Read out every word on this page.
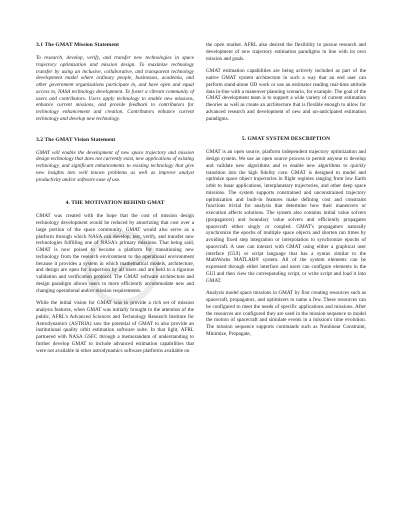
3.1 The GMAT Mission Statement

To research, develop, verify, and transfer new technologies in space trajectory optimization and mission design. To maximize technology transfer by using an inclusive, collaborative, and transparent technology development model where ordinary people, businesses, academia, and other government organizations participate in, and have open and equal access to, NASA technology development. To foster a vibrant community of users and contributors. Users apply technology to enable new missions, enhance current missions, and provide feedback to contributors for technology enhancement and creation. Contributors enhance current technology and develop new technology.

3.2 The GMAT Vision Statement

GMAT will enable the development of new space trajectory and mission design technology that does not currently exist, new applications of existing technology, and significant enhancements to existing technology that give new insights into well known problems as well as improve analyst productivity and/or software ease of use.

4. THE MOTIVATION BEHIND GMAT

GMAT was created with the hope that the cost of mission design technology development would be reduced by amortizing that cost over a large portion of the space community. GMAT would also serve as a platform through which NASA can develop, test, verify, and transfer new technologies fulfilling one of NASA's primary missions. That being said, GMAT is now poised to become a platform for transitioning new technology from the research environment to the operational environment because it provides a system in which mathematical models, architecture, and design are open for inspection by all users and are held to a rigorous validation and verification protocol. The GMAT software architecture and design paradigm allows users to more efficiently accommodate new and changing operational and/or mission requirements.

While the initial vision for GMAT was to provide a rich set of mission analysis features, when GMAT was initially brought to the attention of the public, AFRL's Advanced Sciences and Technology Research Institute for Astrodynamics (ASTRIA) saw the potential of GMAT to also provide an institutional quality orbit estimation software suite. In that light, AFRL partnered with NASA GSFC through a memorandum of understanding to further develop GMAT to include advanced estimation capabilities that were not available in other astrodynamics software platforms available on

the open market. AFRL also desired the flexibility to pursue research and development of new trajectory estimation paradigms in line with its own mission and goals.

GMAT estimation capabilities are being actively included as part of the native GMAT system architecture in such a way that an end user can perform stand-alone OD work or use an estimator reading real-time attitude data in-line with a maneuver planning scenario, for example. The goal of the GMAT development team is to support a wide variety of current estimation theories as well as create an architecture that is flexible enough to allow for advanced research and development of new and un-anticipated estimation paradigms.

5. GMAT SYSTEM DESCRIPTION

GMAT is an open source, platform independent trajectory optimization and design system. We use an open source process to permit anyone to develop and validate new algorithms and to enable new algorithms to quickly transition into the high fidelity core. GMAT is designed to model and optimize space object trajectories in flight regimes ranging from low Earth orbit to lunar applications, interplanetary trajectories, and other deep space missions. The system supports constrained and unconstrained trajectory optimization and built-in features make defining cost and constraint functions trivial for analysis that determine how their maneuvers or execution affects solutions. The system also contains initial value solvers (propagators) and boundary value solvers and efficiently propagates spacecraft either singly or coupled. GMAT's propagators naturally synchronize the epochs of multiple space objects and shorten run times by avoiding fixed step integration or interpolation to synchronize epochs of spacecraft. A user can interact with GMAT using either a graphical user interface (GUI) or script language that has a syntax similar to the MathWorks MATLAB® system. All of the system elements can be expressed through either interface and users can configure elements in the GUI and then view the corresponding script, or write script and load it into GMAT.

Analysis model space missions in GMAT by first creating resources such as spacecraft, propagators, and optimizers to name a few. These resources can be configured to meet the needs of specific applications and missions. After the resources are configured they are used in the mission sequence to model the motion of spacecraft and simulate events in a mission's time evolution. The mission sequence supports commands such as Nonlinear Constraint, Minimize, Propagate,
